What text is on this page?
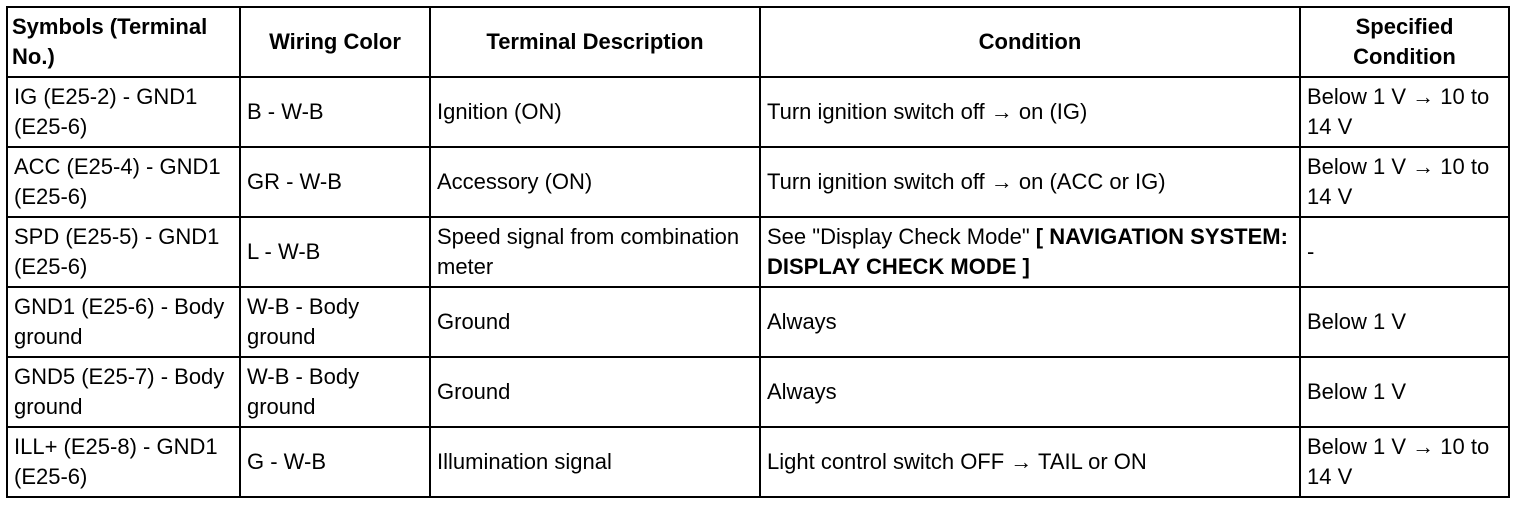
Symbols (Terminal No.)	Wiring Color	Terminal Description	Condition	Specified Condition
IG (E25-2) - GND1 (E25-6)	B - W-B	Ignition (ON)	Turn ignition switch off → on (IG)	Below 1 V → 10 to 14 V
ACC (E25-4) - GND1 (E25-6)	GR - W-B	Accessory (ON)	Turn ignition switch off → on (ACC or IG)	Below 1 V → 10 to 14 V
SPD (E25-5) - GND1 (E25-6)	L - W-B	Speed signal from combination meter	See "Display Check Mode" [ NAVIGATION SYSTEM: DISPLAY CHECK MODE ]	-
GND1 (E25-6) - Body ground	W-B - Body ground	Ground	Always	Below 1 V
GND5 (E25-7) - Body ground	W-B - Body ground	Ground	Always	Below 1 V
ILL+ (E25-8) - GND1 (E25-6)	G - W-B	Illumination signal	Light control switch OFF → TAIL or ON	Below 1 V → 10 to 14 V
